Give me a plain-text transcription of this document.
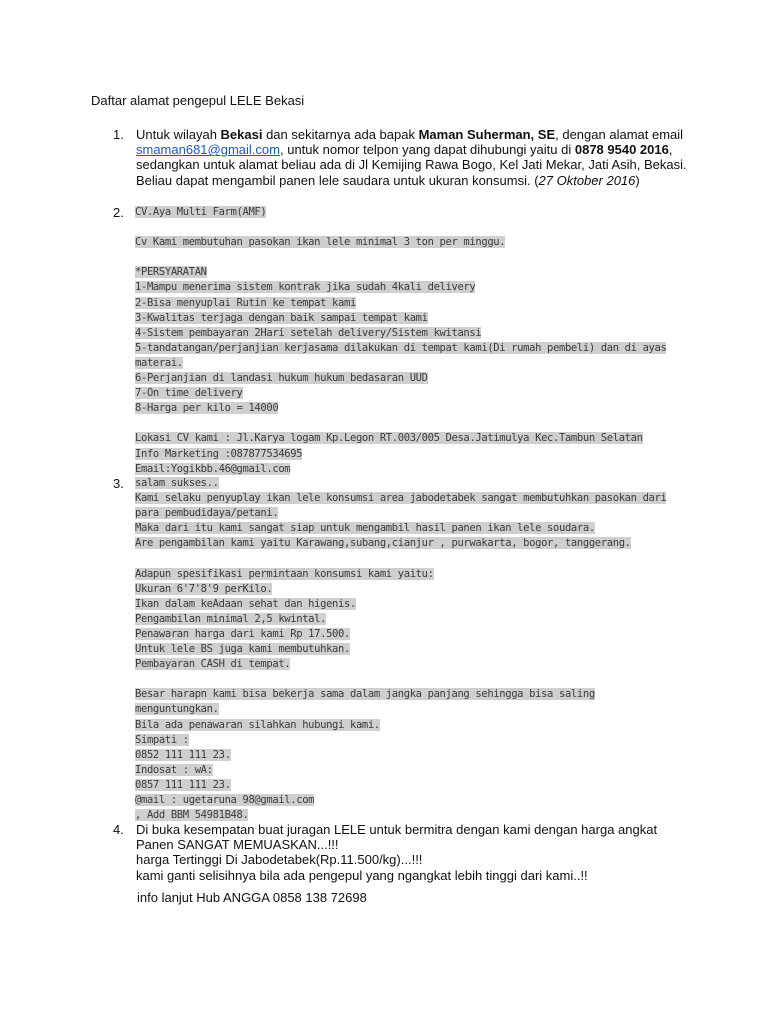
Daftar alamat pengepul LELE Bekasi
1. Untuk wilayah Bekasi dan sekitarnya ada bapak Maman Suherman, SE, dengan alamat email smaman681@gmail.com, untuk nomor telpon yang dapat dihubungi yaitu di 0878 9540 2016, sedangkan untuk alamat beliau ada di Jl Kemijing Rawa Bogo, Kel Jati Mekar, Jati Asih, Bekasi. Beliau dapat mengambil panen lele saudara untuk ukuran konsumsi. (27 Oktober 2016)
2. CV.Aya Multi Farm(AMF)
Cv Kami membutuhan pasokan ikan lele minimal 3 ton per minggu.
*PERSYARATAN
1-Mampu menerima sistem kontrak jika sudah 4kali delivery
2-Bisa menyuplai Rutin ke tempat kami
3-Kwalitas terjaga dengan baik sampai tempat kami
4-Sistem pembayaran 2Hari setelah delivery/Sistem kwitansi
5-tandatangan/perjanjian kerjasama dilakukan di tempat kami(Di rumah pembeli) dan di ayas
materai.
6-Perjanjian di landasi hukum hukum bedasaran UUD
7-On time delivery
8-Harga per kilo = 14000
Lokasi CV kami : Jl.Karya logam Kp.Legon RT.003/005 Desa.Jatimulya Kec.Tambun Selatan
Info Marketing :087877534695
Email:Yogikbb.46@gmail.com
3. salam sukses..
Kami selaku penyuplay ikan lele konsumsi area jabodetabek sangat membutuhkan pasokan dari
para pembudidaya/petani.
Maka dari itu kami sangat siap untuk mengambil hasil panen ikan lele soudara.
Are pengambilan kami yaitu Karawang,subang,cianjur , purwakarta, bogor, tanggerang.
Adapun spesifikasi permintaan konsumsi kami yaitu:
Ukuran 6'7'8'9 perKilo.
Ikan dalam keAdaan sehat dan higenis.
Pengambilan minimal 2,5 kwintal.
Penawaran harga dari kami Rp 17.500.
Untuk lele BS juga kami membutuhkan.
Pembayaran CASH di tempat.
Besar harapn kami bisa bekerja sama dalam jangka panjang sehingga bisa saling
menguntungkan.
Bila ada penawaran silahkan hubungi kami.
Simpati :
0852 111 111 23.
Indosat : wA:
0857 111 111 23.
@mail : ugetaruna 98@gmail.com
, Add BBM 54981B48.
4. Di buka kesempatan buat juragan LELE untuk bermitra dengan kami dengan harga angkat
Panen SANGAT MEMUASKAN...!!!
harga Tertinggi Di Jabodetabek(Rp.11.500/kg)...!!!
kami ganti selisihnya bila ada pengepul yang ngangkat lebih tinggi dari kami..!!
info lanjut Hub ANGGA 0858 138 72698
